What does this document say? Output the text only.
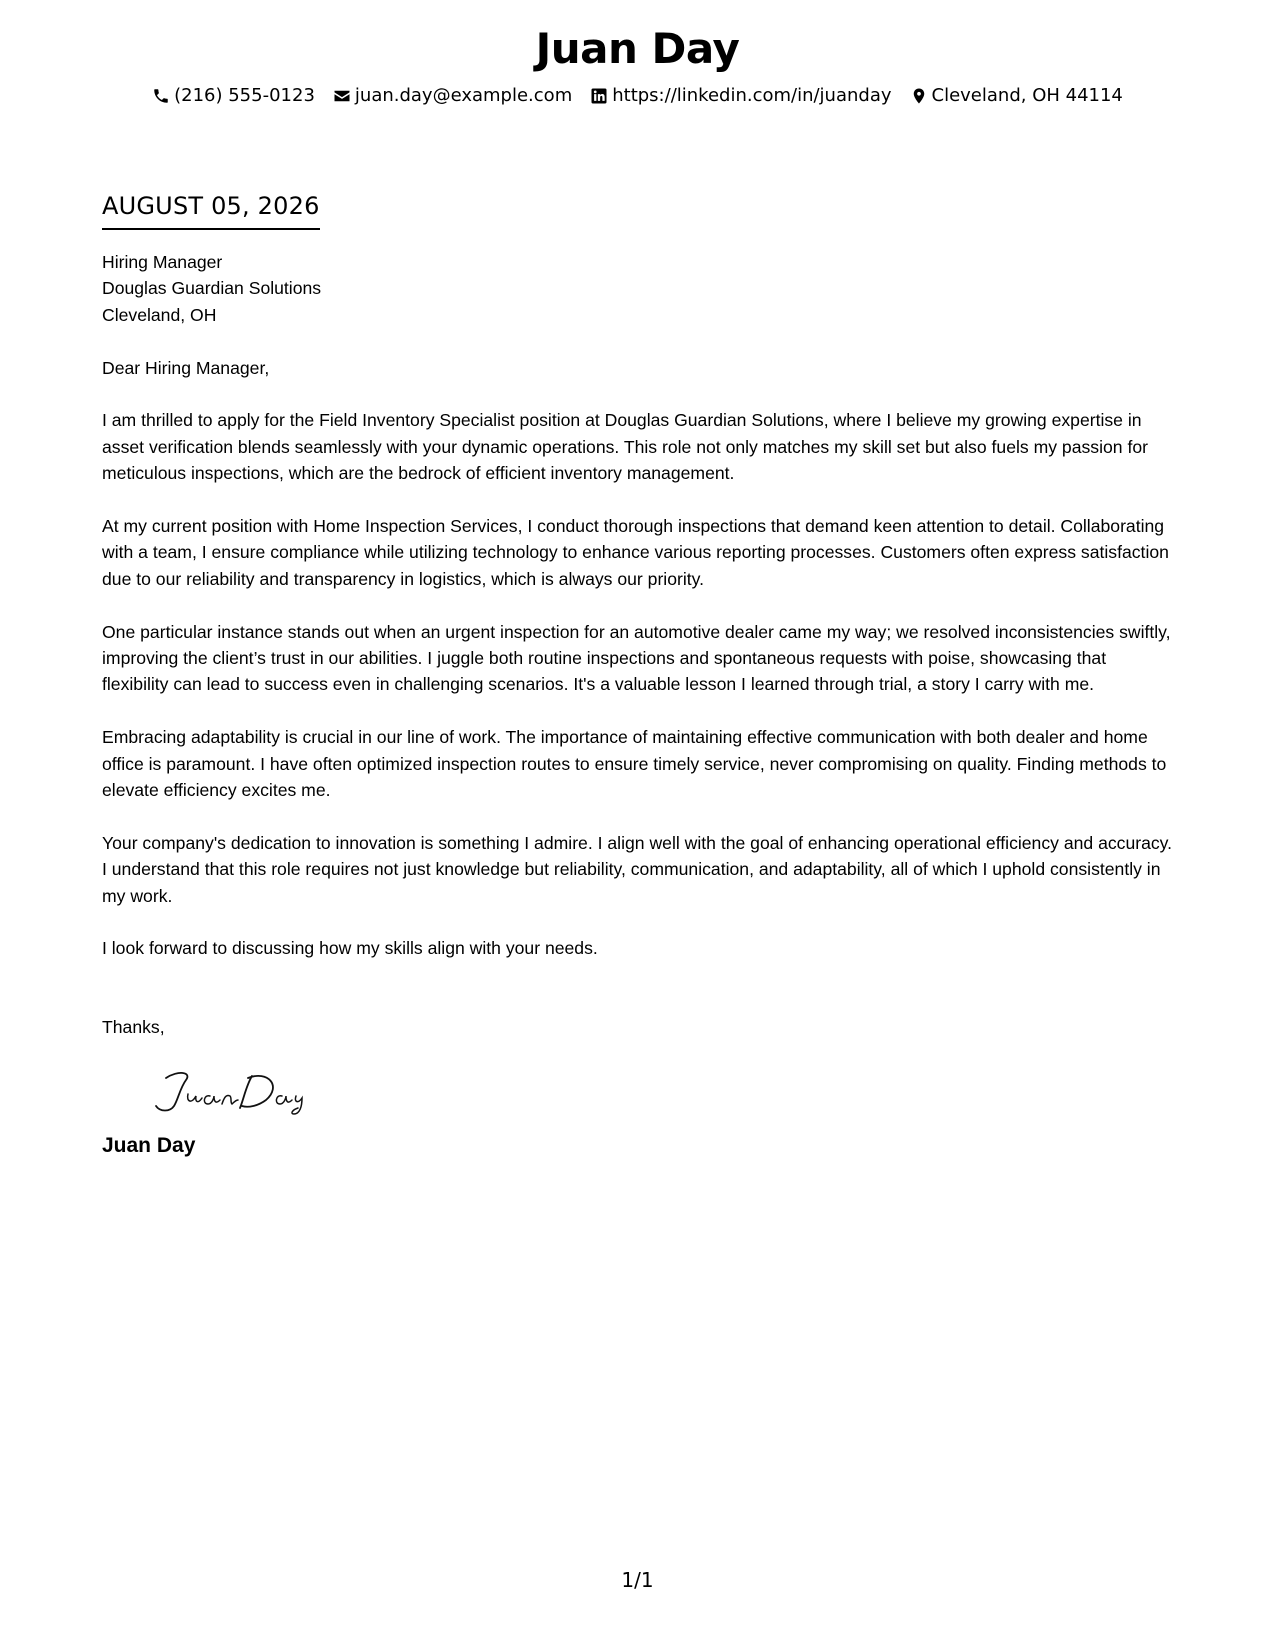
Juan Day
(216) 555-0123 juan.day@example.com https://linkedin.com/in/juanday Cleveland, OH 44114
AUGUST 05, 2026
Hiring Manager
Douglas Guardian Solutions
Cleveland, OH

Dear Hiring Manager,

I am thrilled to apply for the Field Inventory Specialist position at Douglas Guardian Solutions, where I believe my growing expertise in asset verification blends seamlessly with your dynamic operations. This role not only matches my skill set but also fuels my passion for meticulous inspections, which are the bedrock of efficient inventory management.

At my current position with Home Inspection Services, I conduct thorough inspections that demand keen attention to detail. Collaborating with a team, I ensure compliance while utilizing technology to enhance various reporting processes. Customers often express satisfaction due to our reliability and transparency in logistics, which is always our priority.

One particular instance stands out when an urgent inspection for an automotive dealer came my way; we resolved inconsistencies swiftly, improving the client’s trust in our abilities. I juggle both routine inspections and spontaneous requests with poise, showcasing that flexibility can lead to success even in challenging scenarios. It's a valuable lesson I learned through trial, a story I carry with me.

Embracing adaptability is crucial in our line of work. The importance of maintaining effective communication with both dealer and home office is paramount. I have often optimized inspection routes to ensure timely service, never compromising on quality. Finding methods to elevate efficiency excites me.

Your company's dedication to innovation is something I admire. I align well with the goal of enhancing operational efficiency and accuracy. I understand that this role requires not just knowledge but reliability, communication, and adaptability, all of which I uphold consistently in my work.

I look forward to discussing how my skills align with your needs.

Thanks,
Juan Day
1/1
